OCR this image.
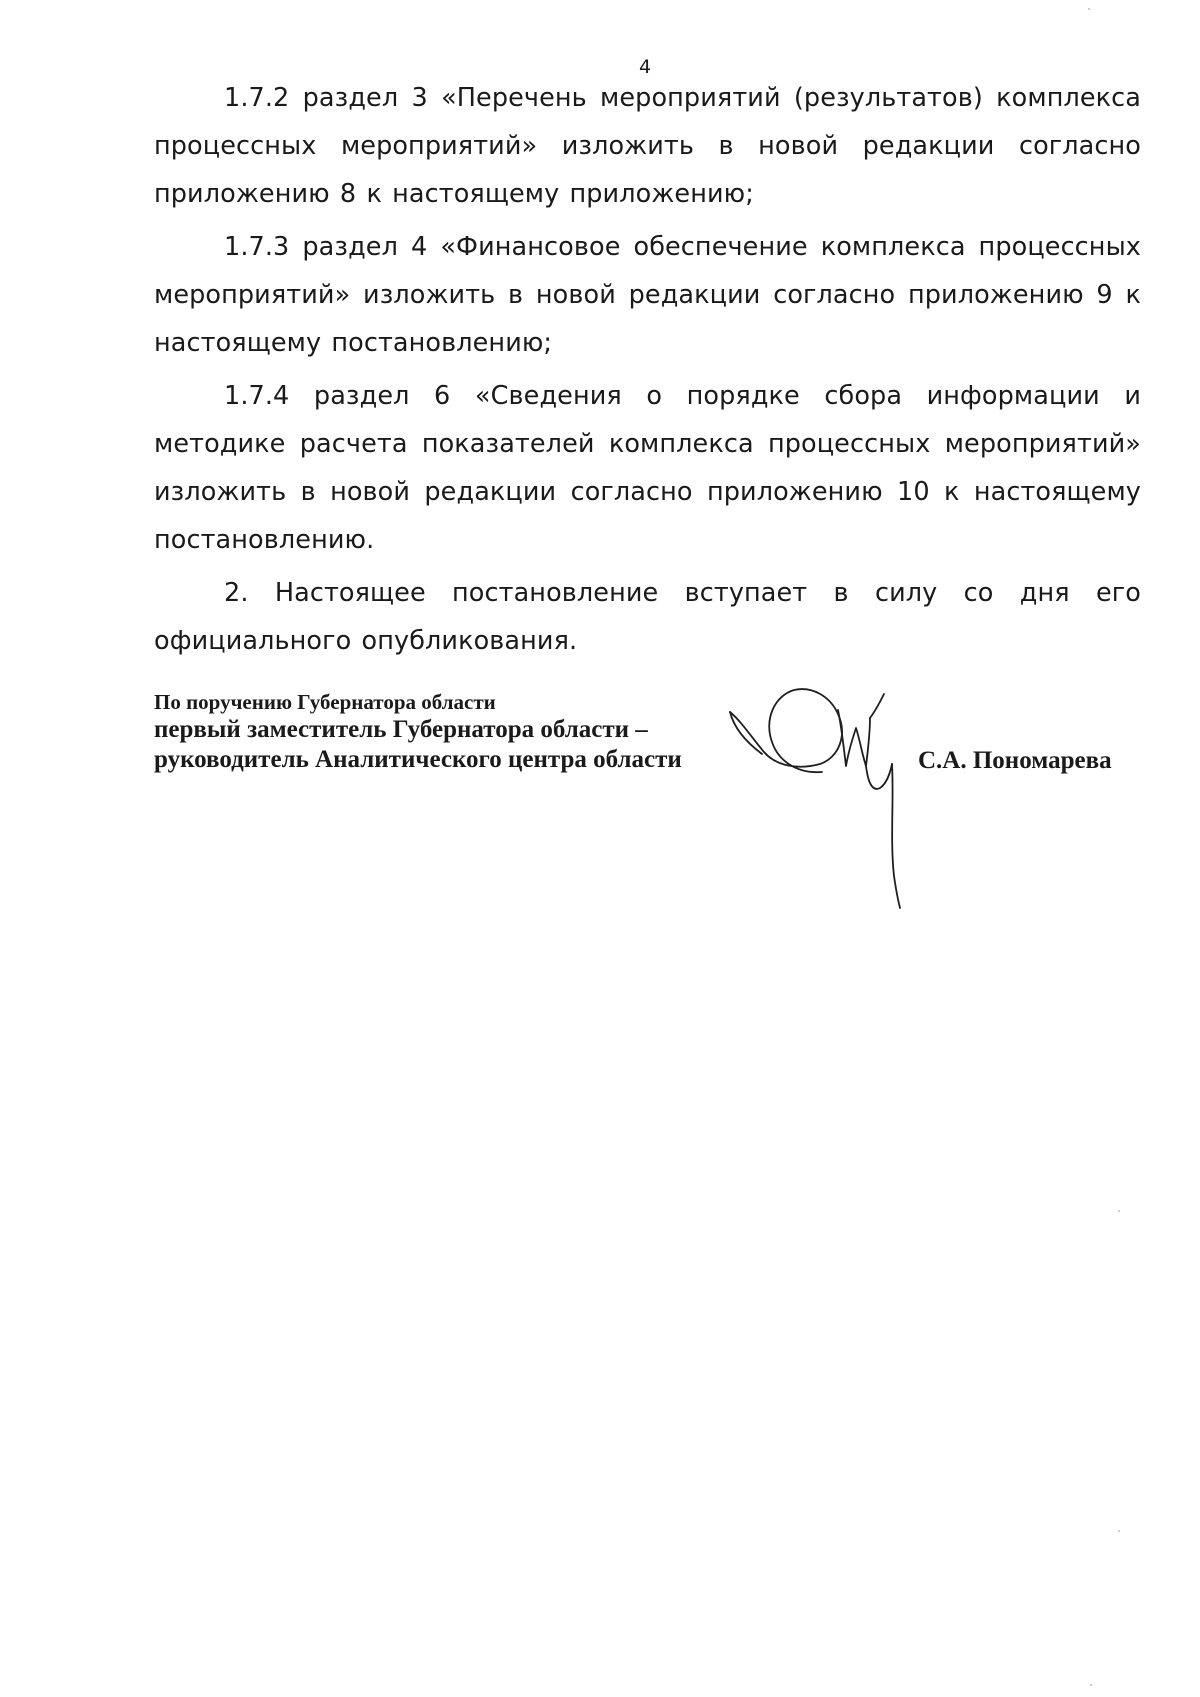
4

1.7.2 раздел 3 «Перечень мероприятий (результатов) комплекса процессных мероприятий» изложить в новой редакции согласно приложению 8 к настоящему приложению;

1.7.3 раздел 4 «Финансовое обеспечение комплекса процессных мероприятий» изложить в новой редакции согласно приложению 9 к настоящему постановлению;

1.7.4 раздел 6 «Сведения о порядке сбора информации и методике расчета показателей комплекса процессных мероприятий» изложить в новой редакции согласно приложению 10 к настоящему постановлению.

2. Настоящее постановление вступает в силу со дня его официального опубликования.

По поручению Губернатора области
первый заместитель Губернатора области –
руководитель Аналитического центра области	С.А. Пономарева
